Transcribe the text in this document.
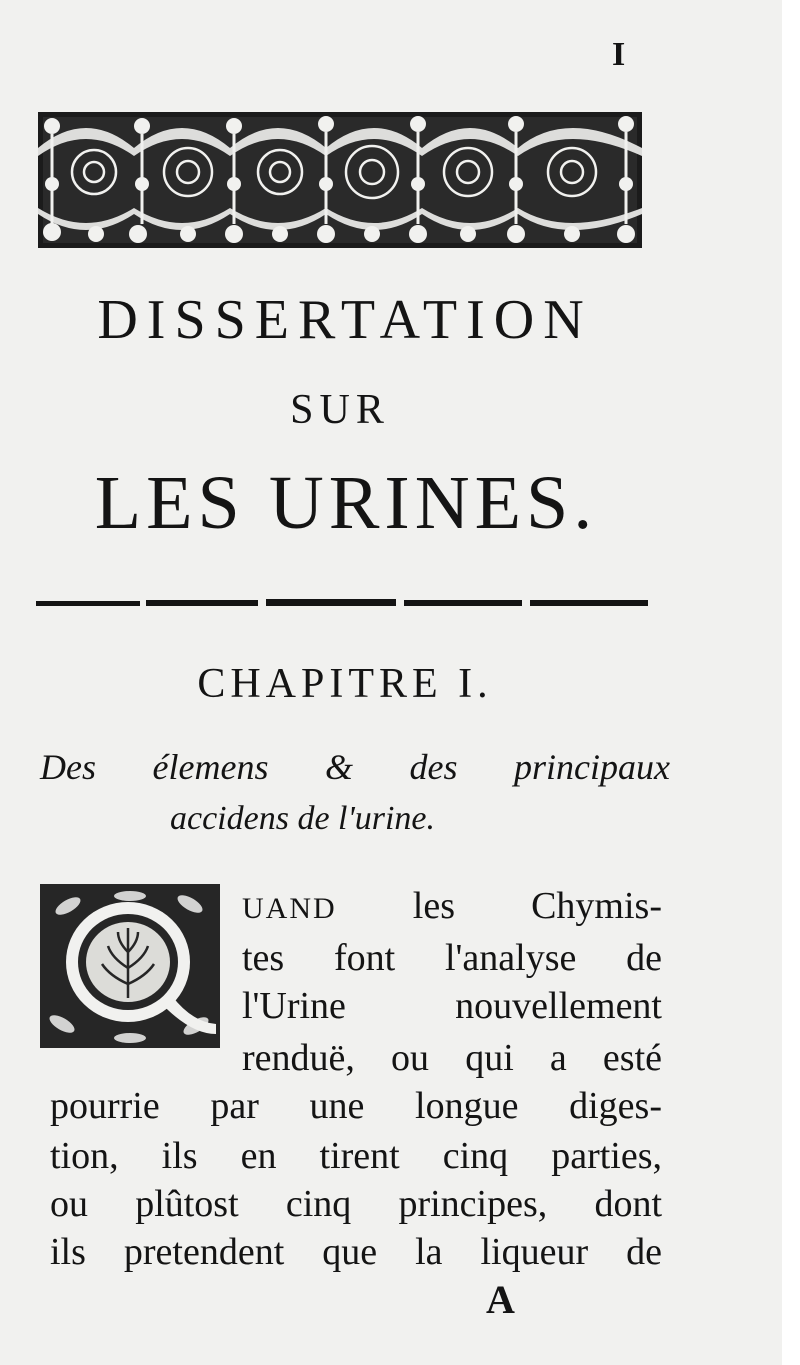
I
DISSERTATION
SUR
LES URINES.
CHAPITRE I.
Des élemens & des principaux
accidens de l'urine.
UAND les Chymis-
tes font l'analyse de
l'Urine nouvellement
renduë, ou qui a esté
pourrie par une longue diges-
tion, ils en tirent cinq parties,
ou plûtost cinq principes, dont
ils pretendent que la liqueur de
A
